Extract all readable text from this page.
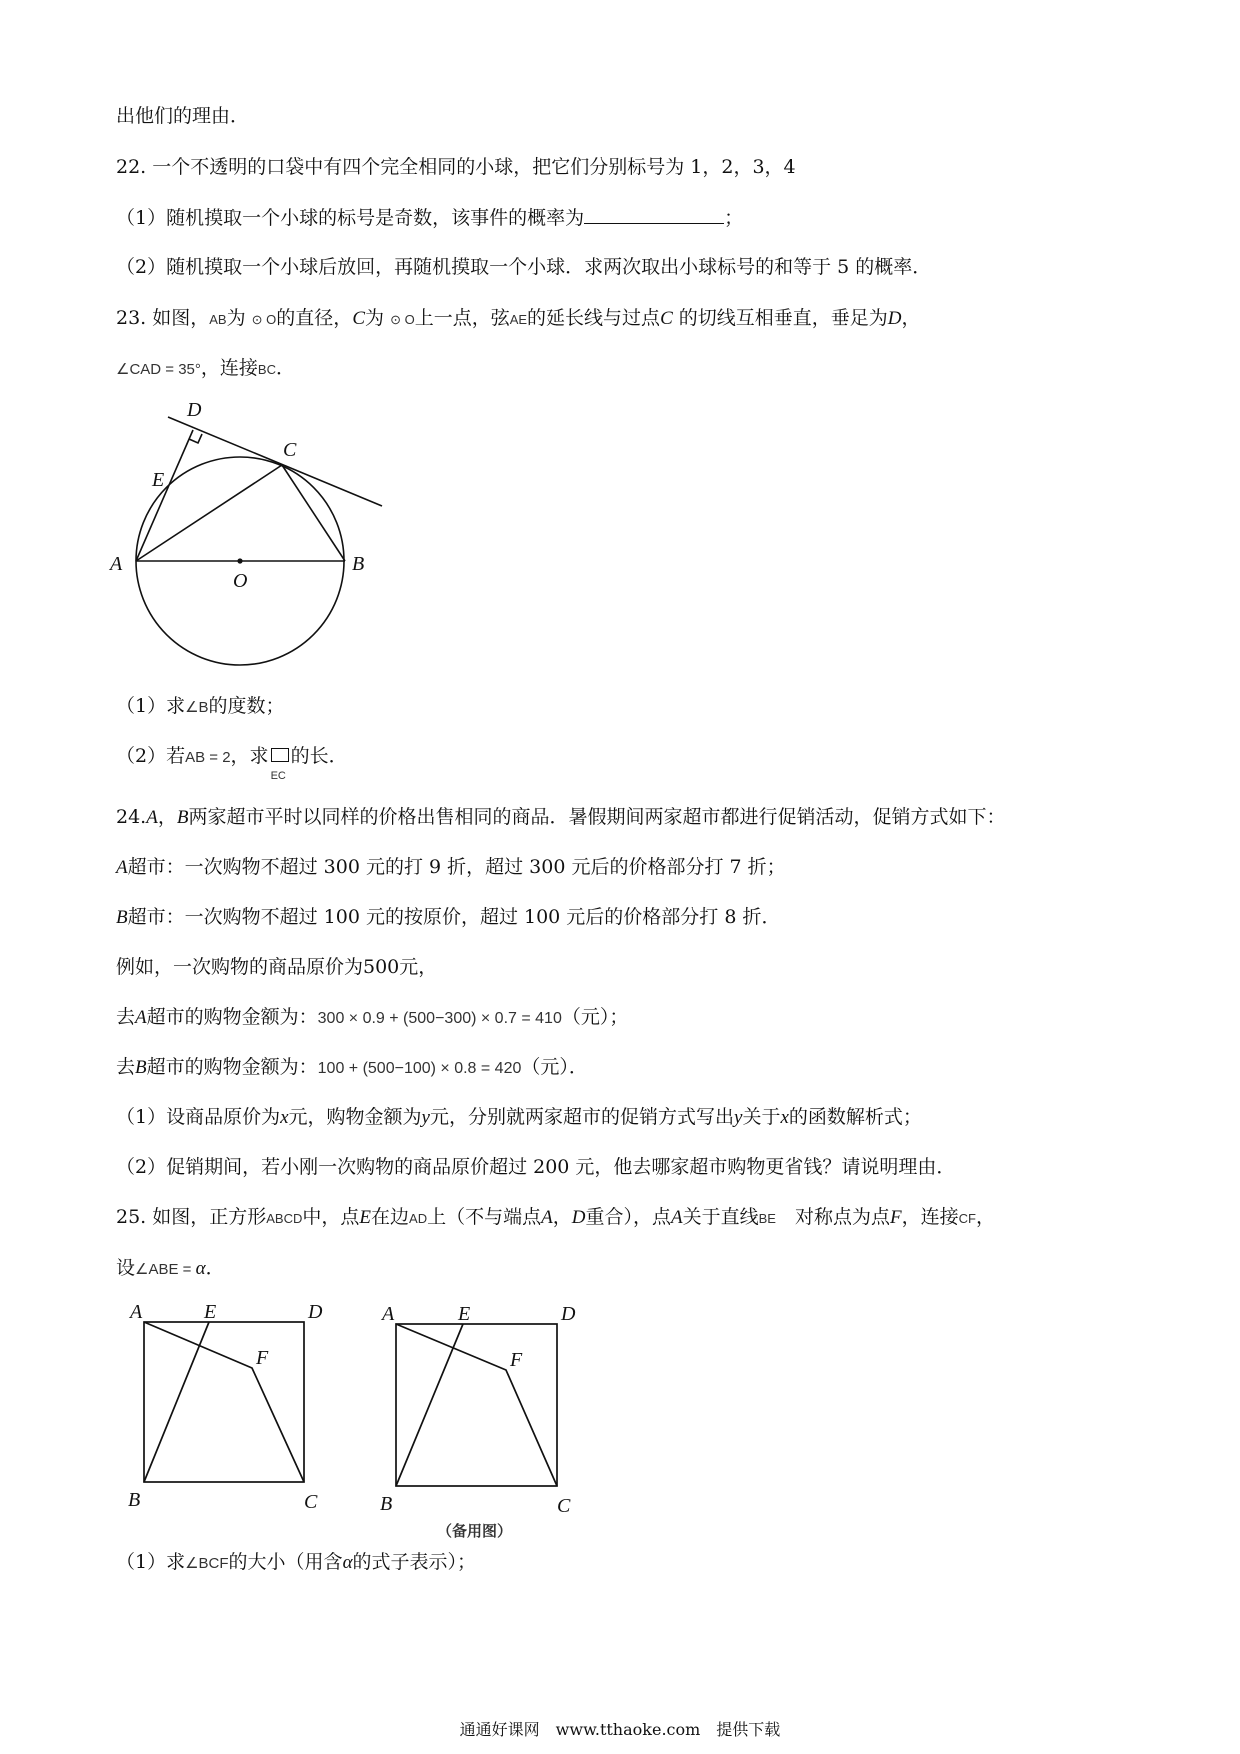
出他们的理由．
22. 一个不透明的口袋中有四个完全相同的小球，把它们分别标号为 1，2，3，4
（1）随机摸取一个小球的标号是奇数，该事件的概率为	；
（2）随机摸取一个小球后放回，再随机摸取一个小球．求两次取出小球标号的和等于 5 的概率．
23. 如图，AB为 ⊙ O的直径，C为 ⊙ O上一点，弦AE的延长线与过点C 的切线互相垂直，垂足为D，
∠CAD = 35°，连接BC．
D
C
E
A
O
B
（1）求∠B的度数；
（2）若AB = 2，求
EC
的长．
24.A，B两家超市平时以同样的价格出售相同的商品．暑假期间两家超市都进行促销活动，促销方式如下：
A超市：一次购物不超过 300 元的打 9 折，超过 300 元后的价格部分打 7 折；
B超市：一次购物不超过 100 元的按原价，超过 100 元后的价格部分打 8 折．
例如，一次购物的商品原价为500元，
去A超市的购物金额为：300 × 0.9 + (500−300) × 0.7 = 410（元）；
去B超市的购物金额为：100 + (500−100) × 0.8 = 420（元）．
（1）设商品原价为x元，购物金额为y元，分别就两家超市的促销方式写出y关于x的函数解析式；
（2）促销期间，若小刚一次购物的商品原价超过 200 元，他去哪家超市购物更省钱？请说明理由．
25. 如图，正方形ABCD中，点E在边AD上（不与端点A，D重合），点A关于直线BE　对称点为点F，连接CF，
设∠ABE = α．
A	E	D
F
B	C
A	E	D
F
B	C
（备用图）
（1）求∠BCF的大小（用含α的式子表示）；
通通好课网　www.tthaoke.com　提供下载
